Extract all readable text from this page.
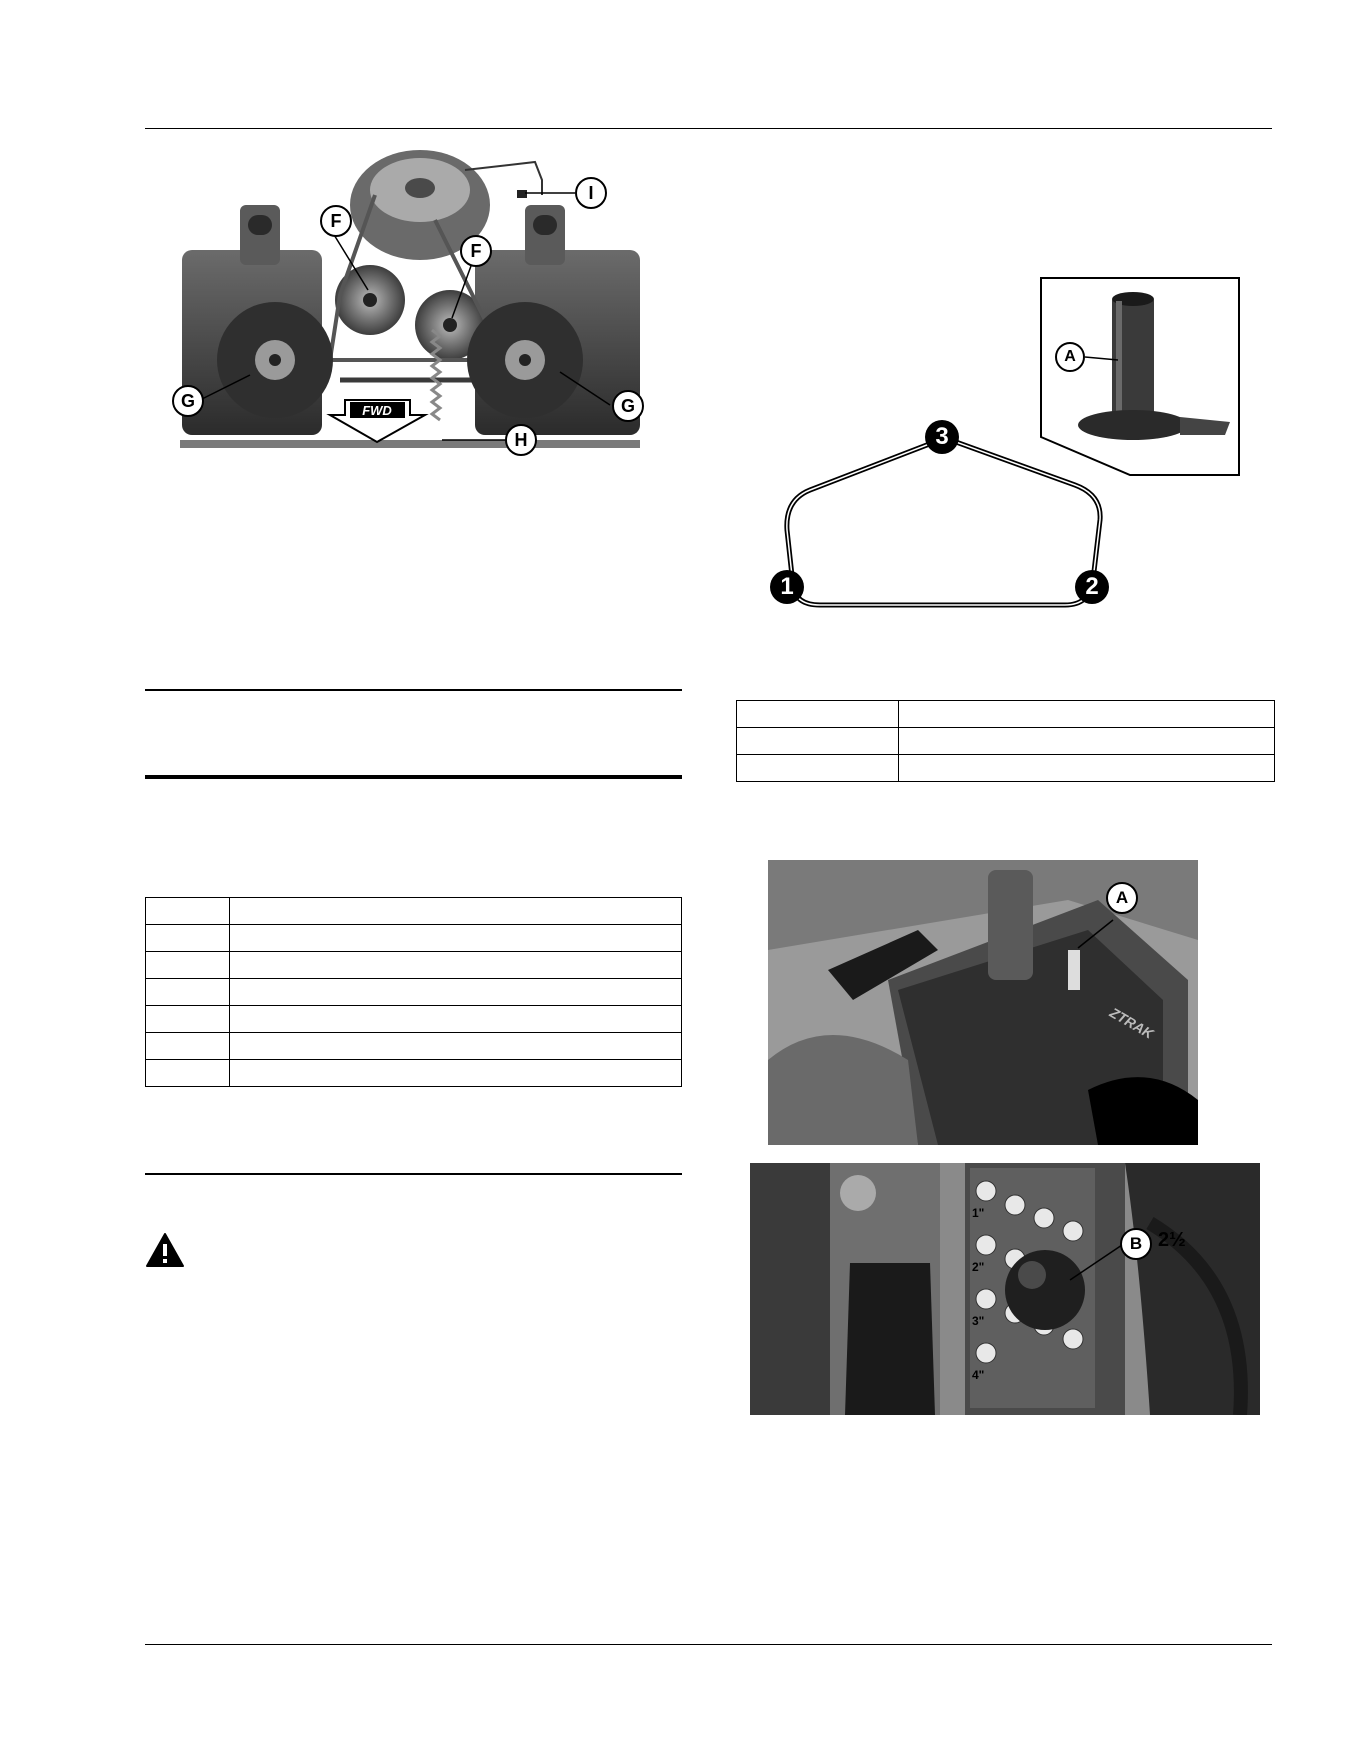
FWD
I
F
F
G	G
H	3
1	2
A

ZTRAK
A
1"
2"
3"
4"
B 2½
